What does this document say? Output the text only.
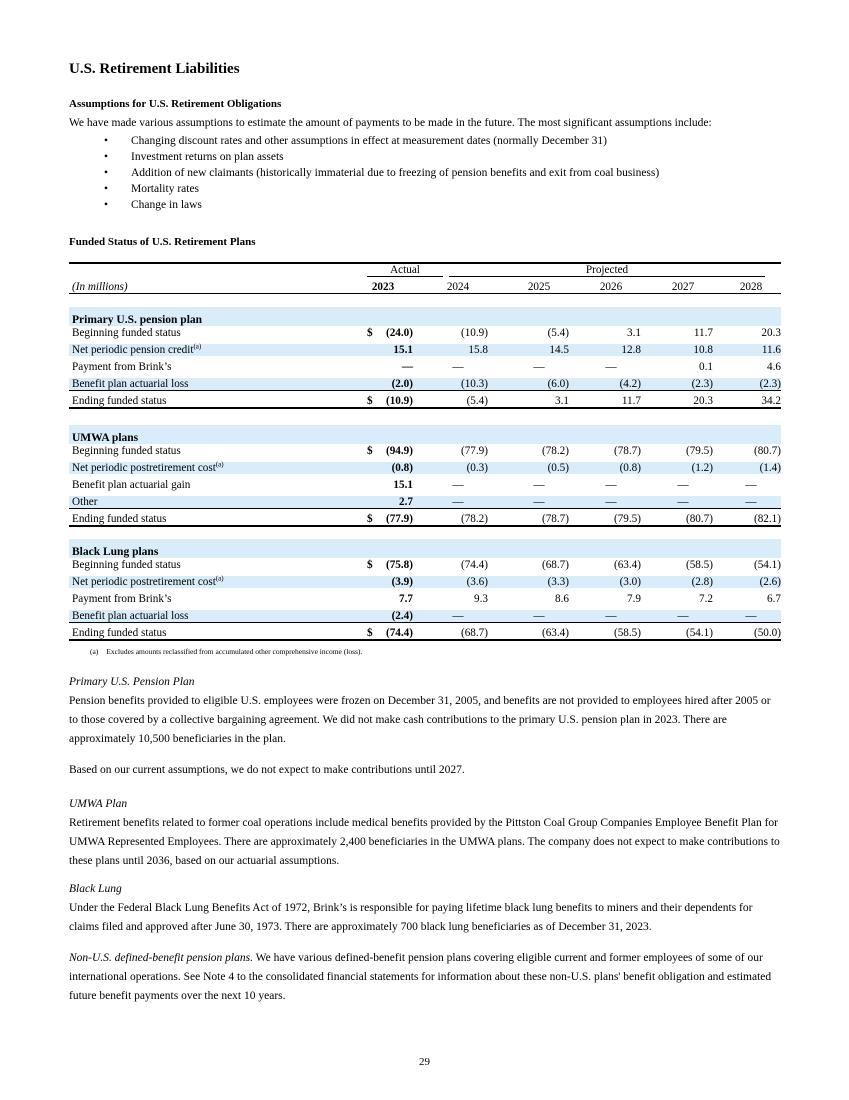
U.S. Retirement Liabilities
Assumptions for U.S. Retirement Obligations
We have made various assumptions to estimate the amount of payments to be made in the future. The most significant assumptions include:
• Changing discount rates and other assumptions in effect at measurement dates (normally December 31)
• Investment returns on plan assets
• Addition of new claimants (historically immaterial due to freezing of pension benefits and exit from coal business)
• Mortality rates
• Change in laws
Funded Status of U.S. Retirement Plans
Actual	Projected
(In millions)	2023	2024	2025	2026	2027	2028
Primary U.S. pension plan
Beginning funded status	$	(24.0)	(10.9)	(5.4)	3.1	11.7	20.3
Net periodic pension credit$^{(a)}$	15.1	15.8	14.5	12.8	10.8	11.6
Payment from Brink’s	—	—	—	—	0.1	4.6
Benefit plan actuarial loss	(2.0)	(10.3)	(6.0)	(4.2)	(2.3)	(2.3)
Ending funded status	$	(10.9)	(5.4)	3.1	11.7	20.3	34.2
UMWA plans
Beginning funded status	$	(94.9)	(77.9)	(78.2)	(78.7)	(79.5)	(80.7)
Net periodic postretirement cost$^{(a)}$	(0.8)	(0.3)	(0.5)	(0.8)	(1.2)	(1.4)
Benefit plan actuarial gain	15.1	—	—	—	—	—
Other	2.7	—	—	—	—	—
Ending funded status	$	(77.9)	(78.2)	(78.7)	(79.5)	(80.7)	(82.1)
Black Lung plans
Beginning funded status	$	(75.8)	(74.4)	(68.7)	(63.4)	(58.5)	(54.1)
Net periodic postretirement cost$^{(a)}$	(3.9)	(3.6)	(3.3)	(3.0)	(2.8)	(2.6)
Payment from Brink’s	7.7	9.3	8.6	7.9	7.2	6.7
Benefit plan actuarial loss	(2.4)	—	—	—	—	—
Ending funded status	$	(74.4)	(68.7)	(63.4)	(58.5)	(54.1)	(50.0)
(a) Excludes amounts reclassified from accumulated other comprehensive income (loss).
Primary U.S. Pension Plan
Pension benefits provided to eligible U.S. employees were frozen on December 31, 2005, and benefits are not provided to employees hired after 2005 or to those covered by a collective bargaining agreement. We did not make cash contributions to the primary U.S. pension plan in 2023. There are approximately 10,500 beneficiaries in the plan.
Based on our current assumptions, we do not expect to make contributions until 2027.
UMWA Plan
Retirement benefits related to former coal operations include medical benefits provided by the Pittston Coal Group Companies Employee Benefit Plan for UMWA Represented Employees. There are approximately 2,400 beneficiaries in the UMWA plans. The company does not expect to make contributions to these plans until 2036, based on our actuarial assumptions.
Black Lung
Under the Federal Black Lung Benefits Act of 1972, Brink’s is responsible for paying lifetime black lung benefits to miners and their dependents for claims filed and approved after June 30, 1973. There are approximately 700 black lung beneficiaries as of December 31, 2023.
Non-U.S. defined-benefit pension plans. We have various defined-benefit pension plans covering eligible current and former employees of some of our international operations. See Note 4 to the consolidated financial statements for information about these non-U.S. plans' benefit obligation and estimated future benefit payments over the next 10 years.
29
